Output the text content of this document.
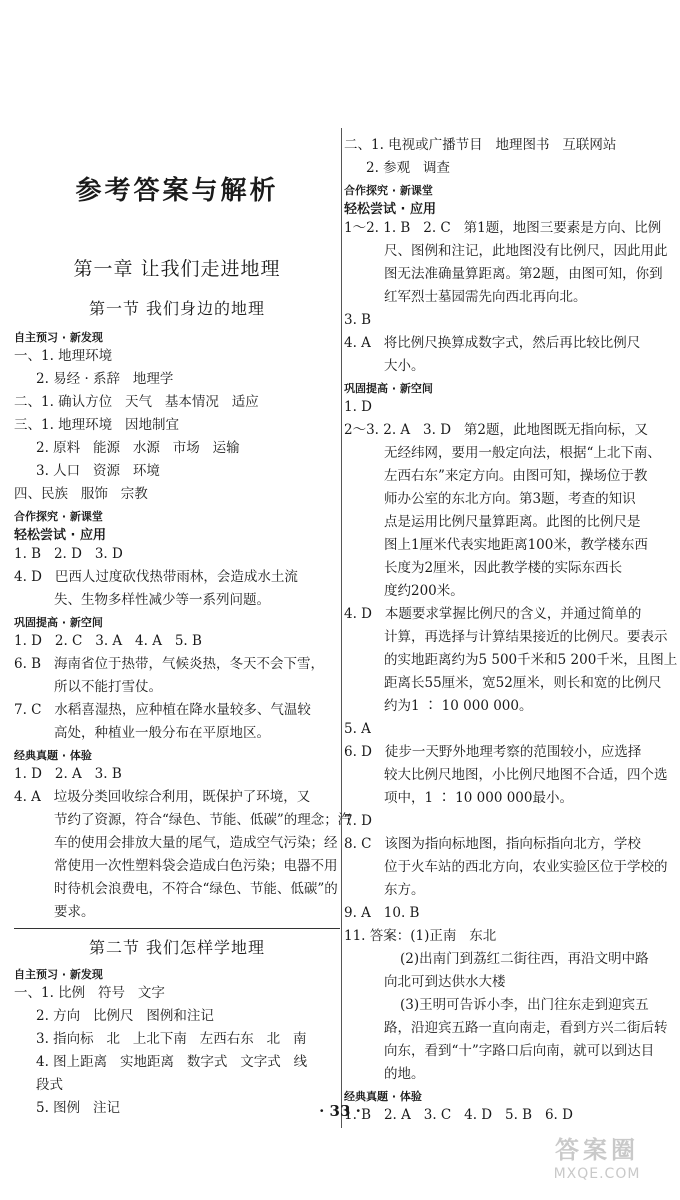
参考答案与解析
第一章 让我们走进地理
第一节 我们身边的地理
自主预习 · 新发现
一、1. 地理环境
2. 易经 · 系辞   地理学
二、1. 确认方位   天气   基本情况   适应
三、1. 地理环境   因地制宜
2. 原料   能源   水源   市场   运输
3. 人口   资源   环境
四、民族   服饰   宗教
合作探究 · 新课堂
轻松尝试 · 应用
1. B   2. D   3. D
4. D   巴西人过度砍伐热带雨林，会造成水土流
失、生物多样性减少等一系列问题。
巩固提高 · 新空间
1. D   2. C   3. A   4. A   5. B
6. B   海南省位于热带，气候炎热，冬天不会下雪，
所以不能打雪仗。
7. C   水稻喜湿热，应种植在降水量较多、气温较
高处，种植业一般分布在平原地区。
经典真题 · 体验
1. D   2. A   3. B
4. A   垃圾分类回收综合利用，既保护了环境，又
节约了资源，符合“绿色、节能、低碳”的理念；汽
车的使用会排放大量的尾气，造成空气污染；经
常使用一次性塑料袋会造成白色污染；电器不用
时待机会浪费电，不符合“绿色、节能、低碳”的
要求。
第二节 我们怎样学地理
自主预习 · 新发现
一、1. 比例   符号   文字
2. 方向   比例尺   图例和注记
3. 指向标   北   上北下南   左西右东   北   南
4. 图上距离   实地距离   数字式   文字式   线
段式
5. 图例   注记
二、1. 电视或广播节目   地理图书   互联网站
2. 参观   调查
合作探究 · 新课堂
轻松尝试 · 应用
1～2. 1. B   2. C   第1题，地图三要素是方向、比例
尺、图例和注记，此地图没有比例尺，因此用此
图无法准确量算距离。第2题，由图可知，你到
红军烈士墓园需先向西北再向北。
3. B
4. A   将比例尺换算成数字式，然后再比较比例尺
大小。
巩固提高 · 新空间
1. D
2～3. 2. A   3. D   第2题，此地图既无指向标，又
无经纬网，要用一般定向法，根据“上北下南、
左西右东”来定方向。由图可知，操场位于教
师办公室的东北方向。第3题，考查的知识
点是运用比例尺量算距离。此图的比例尺是
图上1厘米代表实地距离100米，教学楼东西
长度为2厘米，因此教学楼的实际东西长
度约200米。
4. D   本题要求掌握比例尺的含义，并通过简单的
计算，再选择与计算结果接近的比例尺。要表示
的实地距离约为5 500千米和5 200千米，且图上
距离长55厘米，宽52厘米，则长和宽的比例尺
约为1 ∶ 10 000 000。
5. A
6. D   徒步一天野外地理考察的范围较小，应选择
较大比例尺地图，小比例尺地图不合适，四个选
项中，1 ∶ 10 000 000最小。
7. D
8. C   该图为指向标地图，指向标指向北方，学校
位于火车站的西北方向，农业实验区位于学校的
东方。
9. A   10. B
11. 答案：(1)正南   东北
(2)出南门到荔红二街往西，再沿文明中路
向北可到达供水大楼
(3)王明可告诉小李，出门往东走到迎宾五
路，沿迎宾五路一直向南走，看到方兴二街后转
向东，看到“十”字路口后向南，就可以到达目
的地。
经典真题 · 体验
1. B   2. A   3. C   4. D   5. B   6. D
· 33 ·
答案圈
MXQE.COM
